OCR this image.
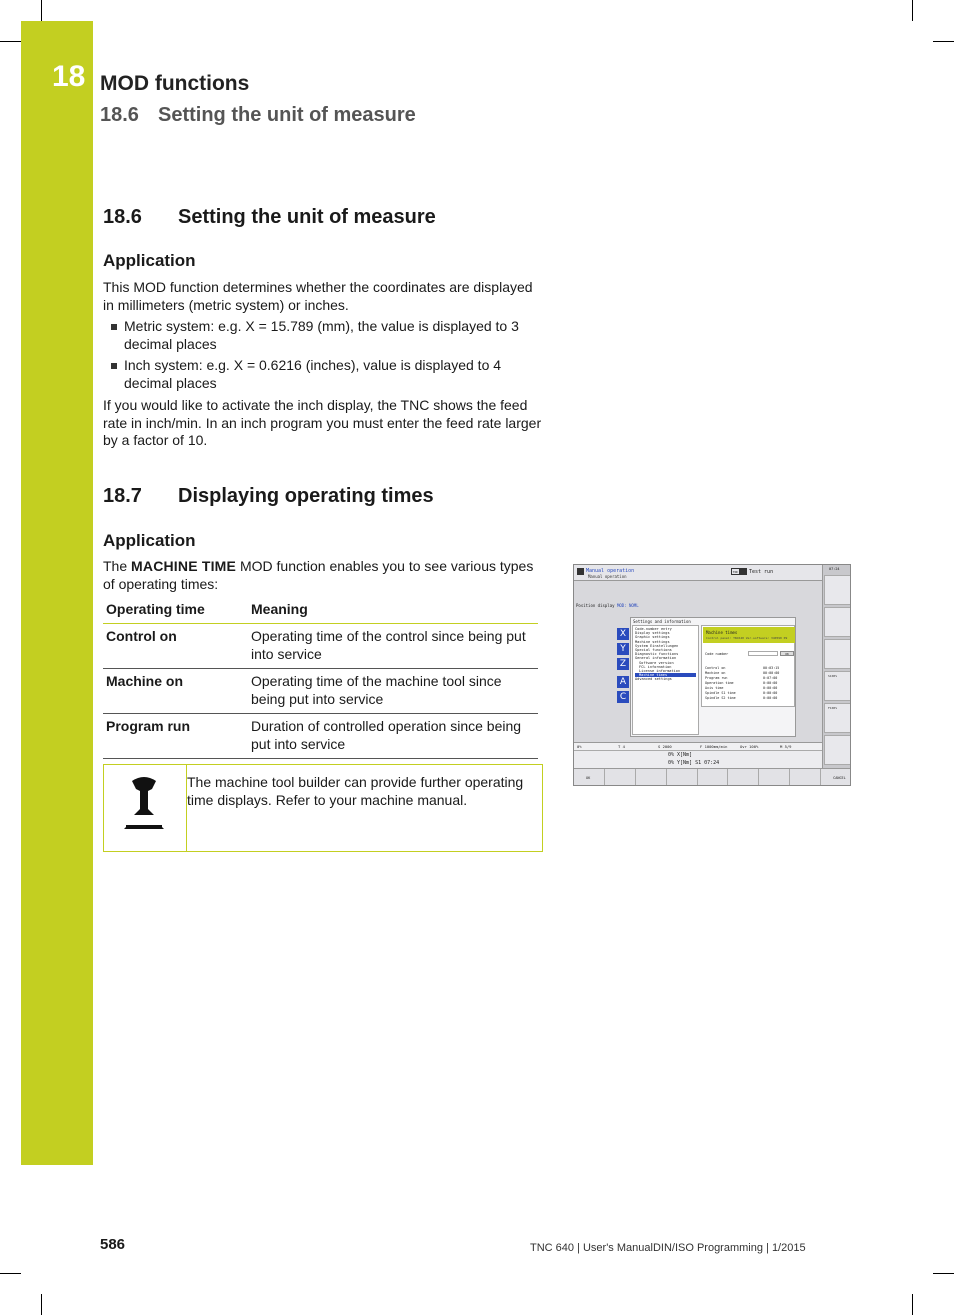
18 MOD functions
18.6 Setting the unit of measure
18.6 Setting the unit of measure
Application
This MOD function determines whether the coordinates are displayed in millimeters (metric system) or inches.
Metric system: e.g. X = 15.789 (mm), the value is displayed to 3 decimal places
Inch system: e.g. X = 0.6216 (inches), value is displayed to 4 decimal places
If you would like to activate the inch display, the TNC shows the feed rate in inch/min. In an inch program you must enter the feed rate larger by a factor of 10.
18.7 Displaying operating times
Application
The MACHINE TIME MOD function enables you to see various types of operating times:
Operating time	Meaning
Control on	Operating time of the control since being put into service
Machine on	Operating time of the machine tool since being put into service
Program run	Duration of controlled operation since being put into service
The machine tool builder can provide further operating time displays. Refer to your machine manual.
Manual operation
Manual operation
TNC	Test run
Position display MOD: NOML
X
Y
Z
A
C
Settings and information
Code-number entry
Display settings
Graphic settings
Machine settings
System Einstellungen
Special functions
Diagnostic functions
General information
Software version
FCL information
License information
Machine times
Advanced settings
Machine times
Control panel: TNC640 Ver.software: 340590 09
Code number	OK
Control on	00:03:15
Machine on	00:00:00
Program run	0:07:00
Operation time	0:00:00
Axis time	0:00:00
Spindle S1 time	0:00:00
Spindle S2 time	0:00:00
0%	T 4	S 2000	F 1000mm/min	Ovr 100%	M 5/9
0% X[Nm]
0% Y[Nm] S1 07:24
07:24
S100%
F100%
OK	CANCEL
586	TNC 640 | User's ManualDIN/ISO Programming | 1/2015
